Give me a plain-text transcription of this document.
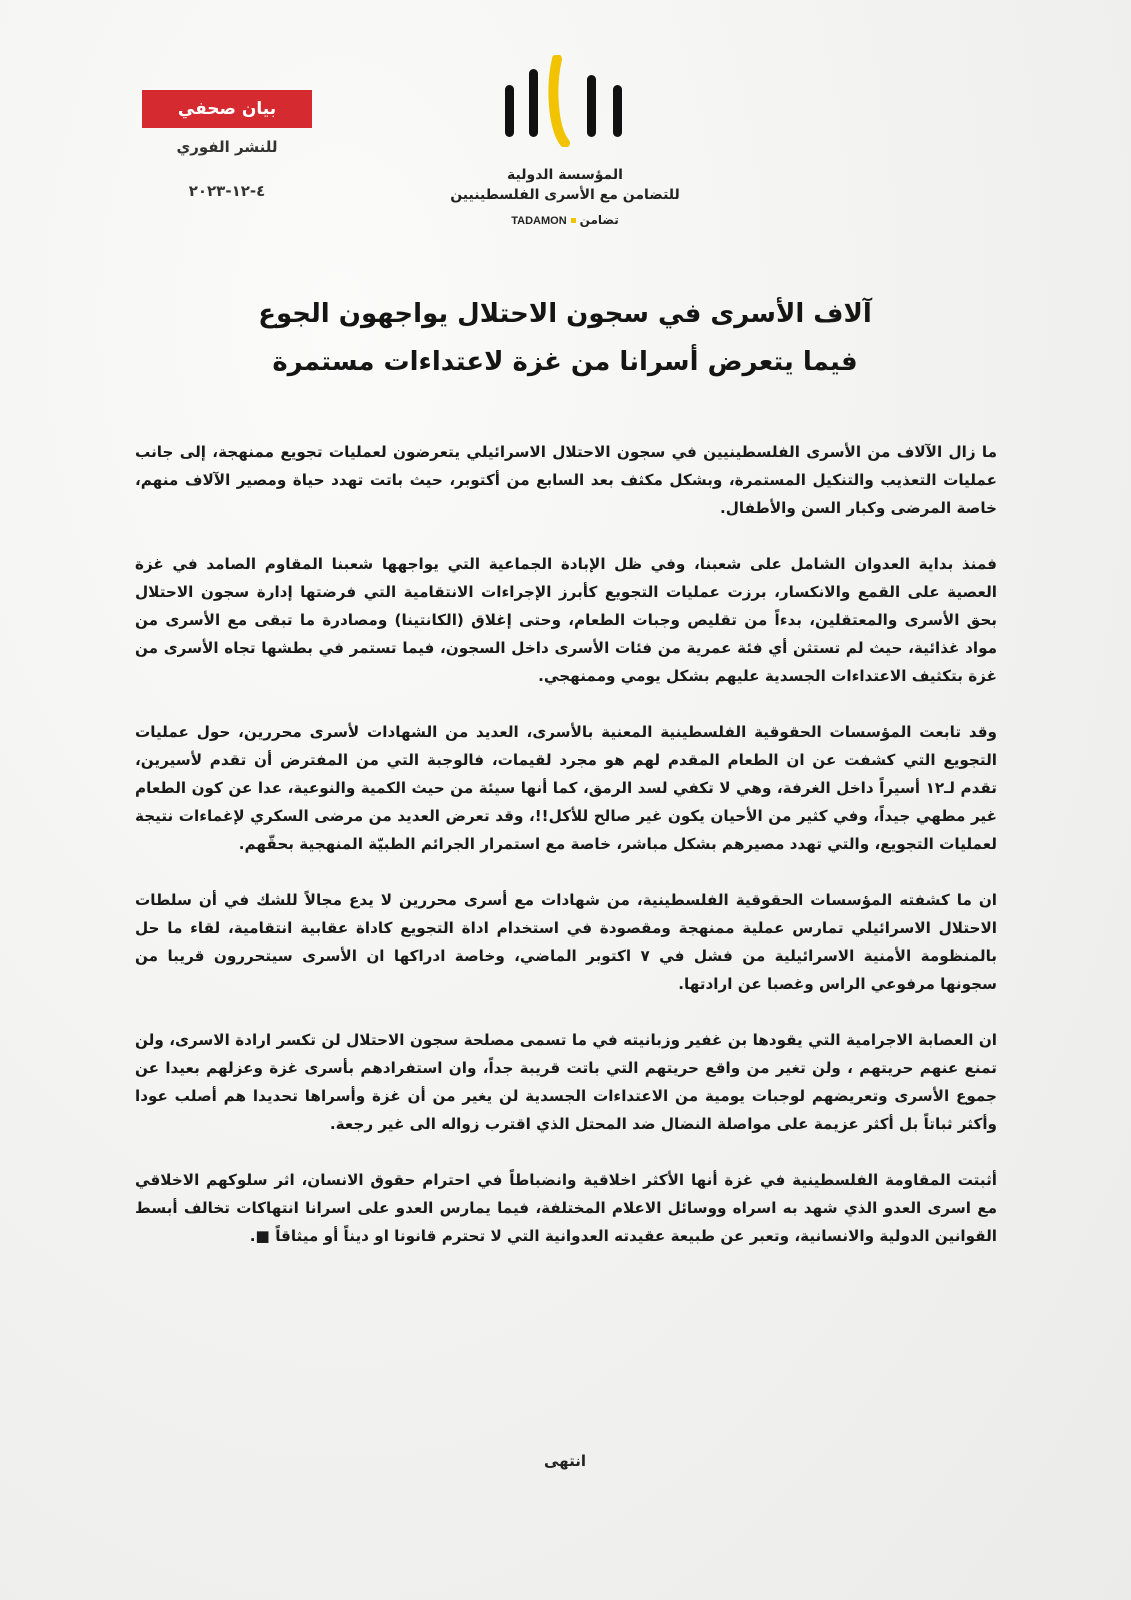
بيان صحفي
للنشر الفوري
٤-١٢-٢٠٢٣
المؤسسة الدولية
للتضامن مع الأسرى الفلسطينيين
تضامنTADAMON
آلاف الأسرى في سجون الاحتلال يواجهون الجوع
فيما يتعرض أسرانا من غزة لاعتداءات مستمرة

ما زال الآلاف من الأسرى الفلسطينيين في سجون الاحتلال الاسرائيلي يتعرضون لعمليات تجويع ممنهجة، إلى جانب عمليات التعذيب والتنكيل المستمرة، وبشكل مكثف بعد السابع من أكتوبر، حيث باتت تهدد حياة ومصير الآلاف منهم، خاصة المرضى وكبار السن والأطفال.

فمنذ بداية العدوان الشامل على شعبنا، وفي ظل الإبادة الجماعية التي يواجهها شعبنا المقاوم الصامد في غزة العصية على القمع والانكسار، برزت عمليات التجويع كأبرز الإجراءات الانتقامية التي فرضتها إدارة سجون الاحتلال بحق الأسرى والمعتقلين، بدءاً من تقليص وجبات الطعام، وحتى إغلاق (الكانتينا) ومصادرة ما تبقى مع الأسرى من مواد غذائية، حيث لم تستثن أي فئة عمرية من فئات الأسرى داخل السجون، فيما تستمر في بطشها تجاه الأسرى من غزة بتكثيف الاعتداءات الجسدية عليهم بشكل يومي وممنهجي.

وقد تابعت المؤسسات الحقوقية الفلسطينية المعنية بالأسرى، العديد من الشهادات لأسرى محررين، حول عمليات التجويع التي كشفت عن ان الطعام المقدم لهم هو مجرد لقيمات، فالوجبة التي من المفترض أن تقدم لأسيرين، تقدم لـ١٢ أسيراً داخل الغرفة، وهي لا تكفي لسد الرمق، كما أنها سيئة من حيث الكمية والنوعية، عدا عن كون الطعام غير مطهي جيداً، وفي كثير من الأحيان يكون غير صالح للأكل!!، وقد تعرض العديد من مرضى السكري لإغماءات نتيجة لعمليات التجويع، والتي تهدد مصيرهم بشكل مباشر، خاصة مع استمرار الجرائم الطبيّة المنهجية بحقّهم.

ان ما كشفته المؤسسات الحقوقية الفلسطينية، من شهادات مع أسرى محررين لا يدع مجالاً للشك في أن سلطات الاحتلال الاسرائيلي تمارس عملية ممنهجة ومقصودة في استخدام اداة التجويع كاداة عقابية انتقامية، لقاء ما حل بالمنظومة الأمنية الاسرائيلية من فشل في ٧ اكتوبر الماضي، وخاصة ادراكها ان الأسرى سيتحررون قريبا من سجونها مرفوعي الراس وغصبا عن ارادتها.

ان العصابة الاجرامية التي يقودها بن غفير وزبانيته في ما تسمى مصلحة سجون الاحتلال لن تكسر ارادة الاسرى، ولن تمنع عنهم حريتهم ، ولن تغير من واقع حريتهم التي باتت قريبة جداً، وان استفرادهم بأسرى غزة وعزلهم بعيدا عن جموع الأسرى وتعريضهم لوجبات يومية من الاعتداءات الجسدية لن يغير من أن غزة وأسراها تحديدا هم أصلب عودا وأكثر ثباتاً بل أكثر عزيمة على مواصلة النضال ضد المحتل الذي اقترب زواله الى غير رجعة.

أثبتت المقاومة الفلسطينية في غزة أنها الأكثر اخلاقية وانضباطاً في احترام حقوق الانسان، اثر سلوكهم الاخلاقي مع اسرى العدو الذي شهد به اسراه ووسائل الاعلام المختلفة، فيما يمارس العدو على اسرانا انتهاكات تخالف أبسط القوانين الدولية والانسانية، وتعبر عن طبيعة عقيدته العدوانية التي لا تحترم قانونا او ديناً أو ميثاقاً ■.

انتهى
